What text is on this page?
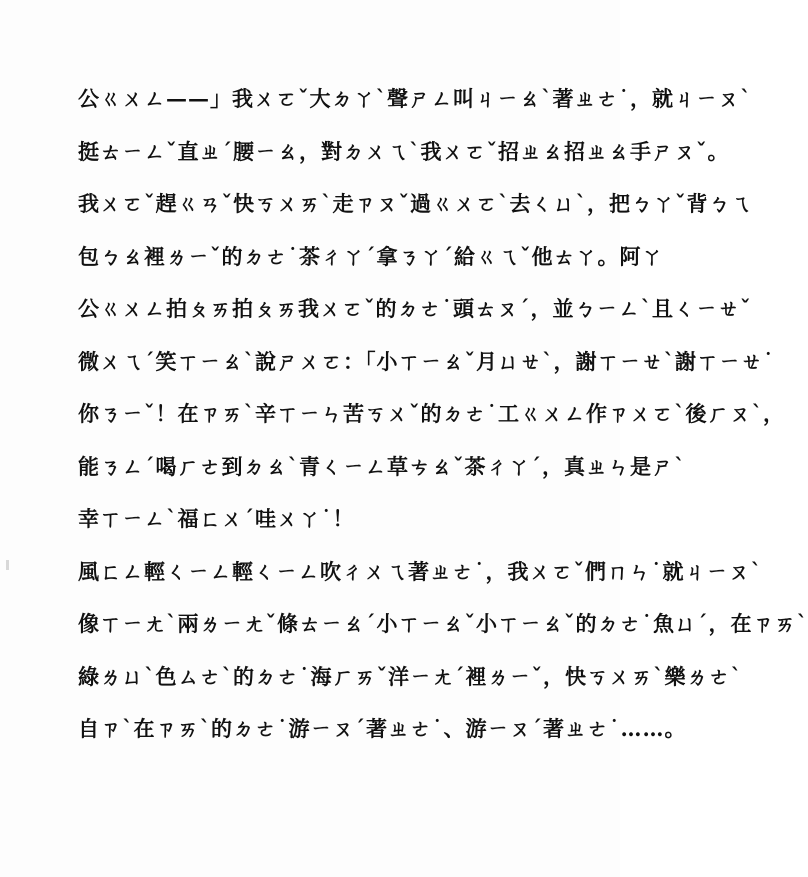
公ㄍㄨㄥ——」我ㄨㄛˇ大ㄉㄚˋ聲ㄕㄥ叫ㄐㄧㄠˋ著ㄓㄜ˙，就ㄐㄧㄡˋ
挺ㄊㄧㄥˇ直ㄓˊ腰ㄧㄠ，對ㄉㄨㄟˋ我ㄨㄛˇ招ㄓㄠ招ㄓㄠ手ㄕㄡˇ。
我ㄨㄛˇ趕ㄍㄢˇ快ㄎㄨㄞˋ走ㄗㄡˇ過ㄍㄨㄛˋ去ㄑㄩˋ，把ㄅㄚˇ背ㄅㄟ
包ㄅㄠ裡ㄌㄧˇ的ㄉㄜ˙茶ㄔㄚˊ拿ㄋㄚˊ給ㄍㄟˇ他ㄊㄚ。阿ㄚ
公ㄍㄨㄥ拍ㄆㄞ拍ㄆㄞ我ㄨㄛˇ的ㄉㄜ˙頭ㄊㄡˊ，並ㄅㄧㄥˋ且ㄑㄧㄝˇ
微ㄨㄟˊ笑ㄒㄧㄠˋ說ㄕㄨㄛ：「小ㄒㄧㄠˇ月ㄩㄝˋ，謝ㄒㄧㄝˋ謝ㄒㄧㄝ˙
你ㄋㄧˇ！在ㄗㄞˋ辛ㄒㄧㄣ苦ㄎㄨˇ的ㄉㄜ˙工ㄍㄨㄥ作ㄗㄨㄛˋ後ㄏㄡˋ，
能ㄋㄥˊ喝ㄏㄜ到ㄉㄠˋ青ㄑㄧㄥ草ㄘㄠˇ茶ㄔㄚˊ，真ㄓㄣ是ㄕˋ
幸ㄒㄧㄥˋ福ㄈㄨˊ哇ㄨㄚ˙！
風ㄈㄥ輕ㄑㄧㄥ輕ㄑㄧㄥ吹ㄔㄨㄟ著ㄓㄜ˙，我ㄨㄛˇ們ㄇㄣ˙就ㄐㄧㄡˋ
像ㄒㄧㄤˋ兩ㄌㄧㄤˇ條ㄊㄧㄠˊ小ㄒㄧㄠˇ小ㄒㄧㄠˇ的ㄉㄜ˙魚ㄩˊ，在ㄗㄞˋ
綠ㄌㄩˋ色ㄙㄜˋ的ㄉㄜ˙海ㄏㄞˇ洋ㄧㄤˊ裡ㄌㄧˇ，快ㄎㄨㄞˋ樂ㄌㄜˋ
自ㄗˋ在ㄗㄞˋ的ㄉㄜ˙游ㄧㄡˊ著ㄓㄜ˙、游ㄧㄡˊ著ㄓㄜ˙……。
